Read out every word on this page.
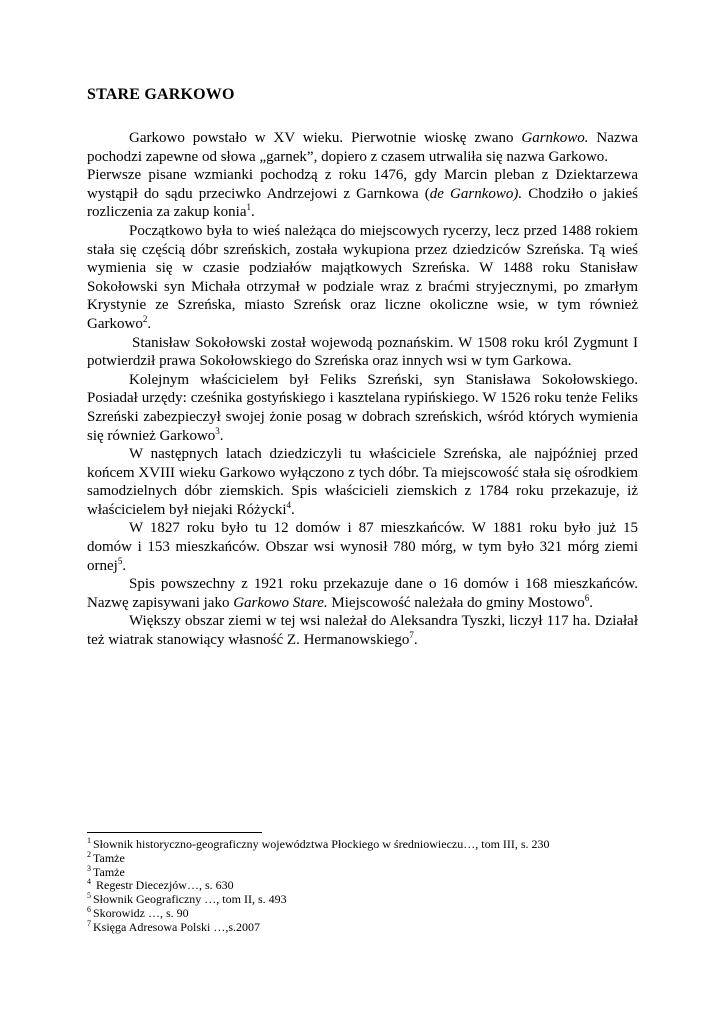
STARE GARKOWO

Garkowo powstało w XV wieku. Pierwotnie wioskę zwano Garnkowo. Nazwa pochodzi zapewne od słowa „garnek”, dopiero z czasem utrwaliła się nazwa Garkowo.

Pierwsze pisane wzmianki pochodzą z roku 1476, gdy Marcin pleban z Dziektarzewa wystąpił do sądu przeciwko Andrzejowi z Garnkowa (de Garnkowo). Chodziło o jakieś rozliczenia za zakup konia$^1$.

Początkowo była to wieś należąca do miejscowych rycerzy, lecz przed 1488 rokiem stała się częścią dóbr szreńskich, została wykupiona przez dziedziców Szreńska. Tą wieś wymienia się w czasie podziałów majątkowych Szreńska. W 1488 roku Stanisław Sokołowski syn Michała otrzymał w podziale wraz z braćmi stryjecznymi, po zmarłym Krystynie ze Szreńska, miasto Szreńsk oraz liczne okoliczne wsie, w tym również Garkowo$^2$.

Stanisław Sokołowski został wojewodą poznańskim. W 1508 roku król Zygmunt I potwierdził prawa Sokołowskiego do Szreńska oraz innych wsi w tym Garkowa.

Kolejnym właścicielem był Feliks Szreński, syn Stanisława Sokołowskiego. Posiadał urzędy: cześnika gostyńskiego i kasztelana rypińskiego. W 1526 roku tenże Feliks Szreński zabezpieczył swojej żonie posag w dobrach szreńskich, wśród których wymienia się również Garkowo$^3$.

W następnych latach dziedziczyli tu właściciele Szreńska, ale najpóźniej przed końcem XVIII wieku Garkowo wyłączono z tych dóbr. Ta miejscowość stała się ośrodkiem samodzielnych dóbr ziemskich. Spis właścicieli ziemskich z 1784 roku przekazuje, iż właścicielem był niejaki Różycki$^4$.

W 1827 roku było tu 12 domów i 87 mieszkańców. W 1881 roku było już 15 domów i 153 mieszkańców. Obszar wsi wynosił 780 mórg, w tym było 321 mórg ziemi ornej$^5$.

Spis powszechny z 1921 roku przekazuje dane o 16 domów i 168 mieszkańców. Nazwę zapisywani jako Garkowo Stare. Miejscowość należała do gminy Mostowo$^6$.

Większy obszar ziemi w tej wsi należał do Aleksandra Tyszki, liczył 117 ha. Działał też wiatrak stanowiący własność Z. Hermanowskiego$^7$.

$^1$ Słownik historyczno-geograficzny województwa Płockiego w średniowieczu…, tom III, s. 230
$^2$ Tamże
$^3$ Tamże
$^4$ Regestr Diecezjów…, s. 630
$^5$ Słownik Geograficzny …, tom II, s. 493
$^6$ Skorowidz …, s. 90
$^7$ Księga Adresowa Polski …,s.2007
